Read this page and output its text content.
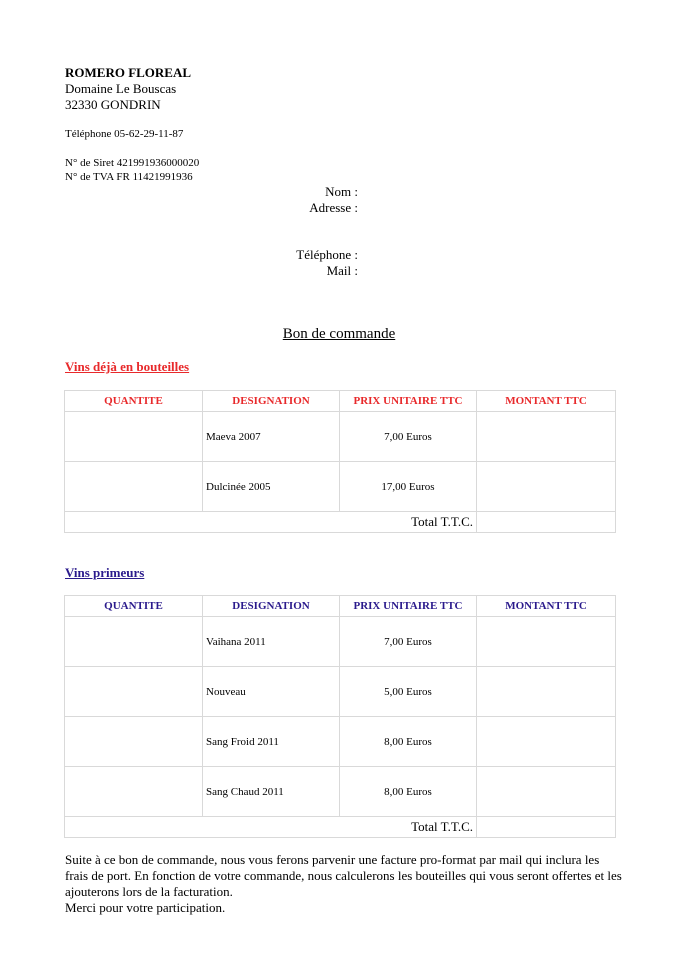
ROMERO FLOREAL
Domaine Le Bouscas
32330 GONDRIN
Téléphone 05-62-29-11-87
N° de Siret 42199193600002​0
N° de TVA FR 11421991936
Nom :
Adresse :
Téléphone :
Mail :
Bon de commande
Vins déjà en bouteilles
QUANTITE	DESIGNATION	PRIX UNITAIRE TTC	MONTANT TTC
	Maeva 2007	7,00 Euros	
	Dulcinée 2005	17,00 Euros	
Total T.T.C.			
Vins primeurs
QUANTITE	DESIGNATION	PRIX UNITAIRE TTC	MONTANT TTC
	Vaihana 2011	7,00 Euros	
	Nouveau	5,00 Euros	
	Sang Froid 2011	8,00 Euros	
	Sang Chaud 2011	8,00 Euros	
Total T.T.C.			
Suite à ce bon de commande, nous vous ferons parvenir une facture pro-format par mail qui inclura les frais de port. En fonction de votre commande, nous calculerons les bouteilles qui vous seront offertes et les ajouterons lors de la facturation.
Merci pour votre participation.
